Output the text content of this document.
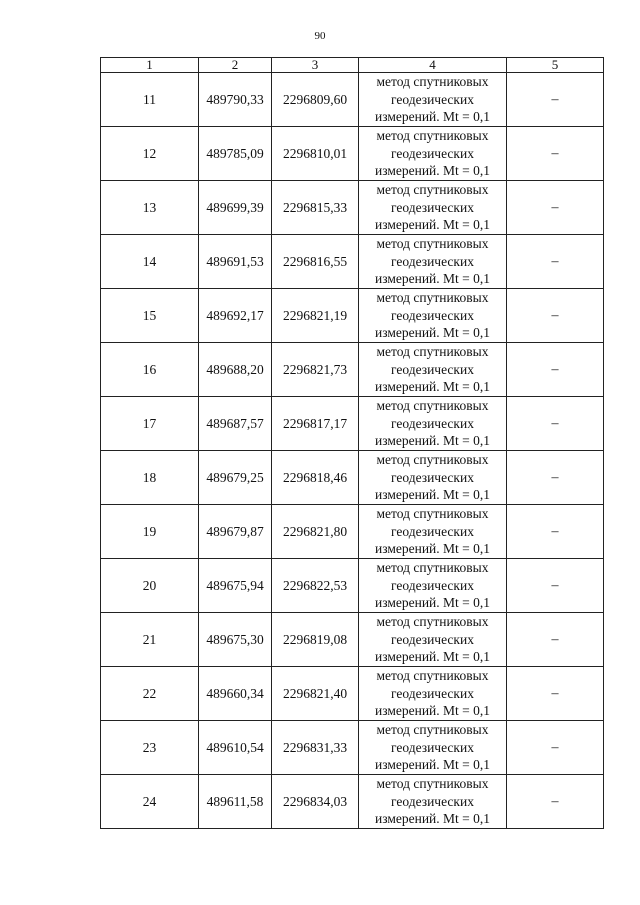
90
1	2	3	4	5
11	489790,33	2296809,60	метод спутниковых
геодезических
измерений. Mt = 0,1	–
12	489785,09	2296810,01	метод спутниковых
геодезических
измерений. Mt = 0,1	–
13	489699,39	2296815,33	метод спутниковых
геодезических
измерений. Mt = 0,1	–
14	489691,53	2296816,55	метод спутниковых
геодезических
измерений. Mt = 0,1	–
15	489692,17	2296821,19	метод спутниковых
геодезических
измерений. Mt = 0,1	–
16	489688,20	2296821,73	метод спутниковых
геодезических
измерений. Mt = 0,1	–
17	489687,57	2296817,17	метод спутниковых
геодезических
измерений. Mt = 0,1	–
18	489679,25	2296818,46	метод спутниковых
геодезических
измерений. Mt = 0,1	–
19	489679,87	2296821,80	метод спутниковых
геодезических
измерений. Mt = 0,1	–
20	489675,94	2296822,53	метод спутниковых
геодезических
измерений. Mt = 0,1	–
21	489675,30	2296819,08	метод спутниковых
геодезических
измерений. Mt = 0,1	–
22	489660,34	2296821,40	метод спутниковых
геодезических
измерений. Mt = 0,1	–
23	489610,54	2296831,33	метод спутниковых
геодезических
измерений. Mt = 0,1	–
24	489611,58	2296834,03	метод спутниковых
геодезических
измерений. Mt = 0,1	–
